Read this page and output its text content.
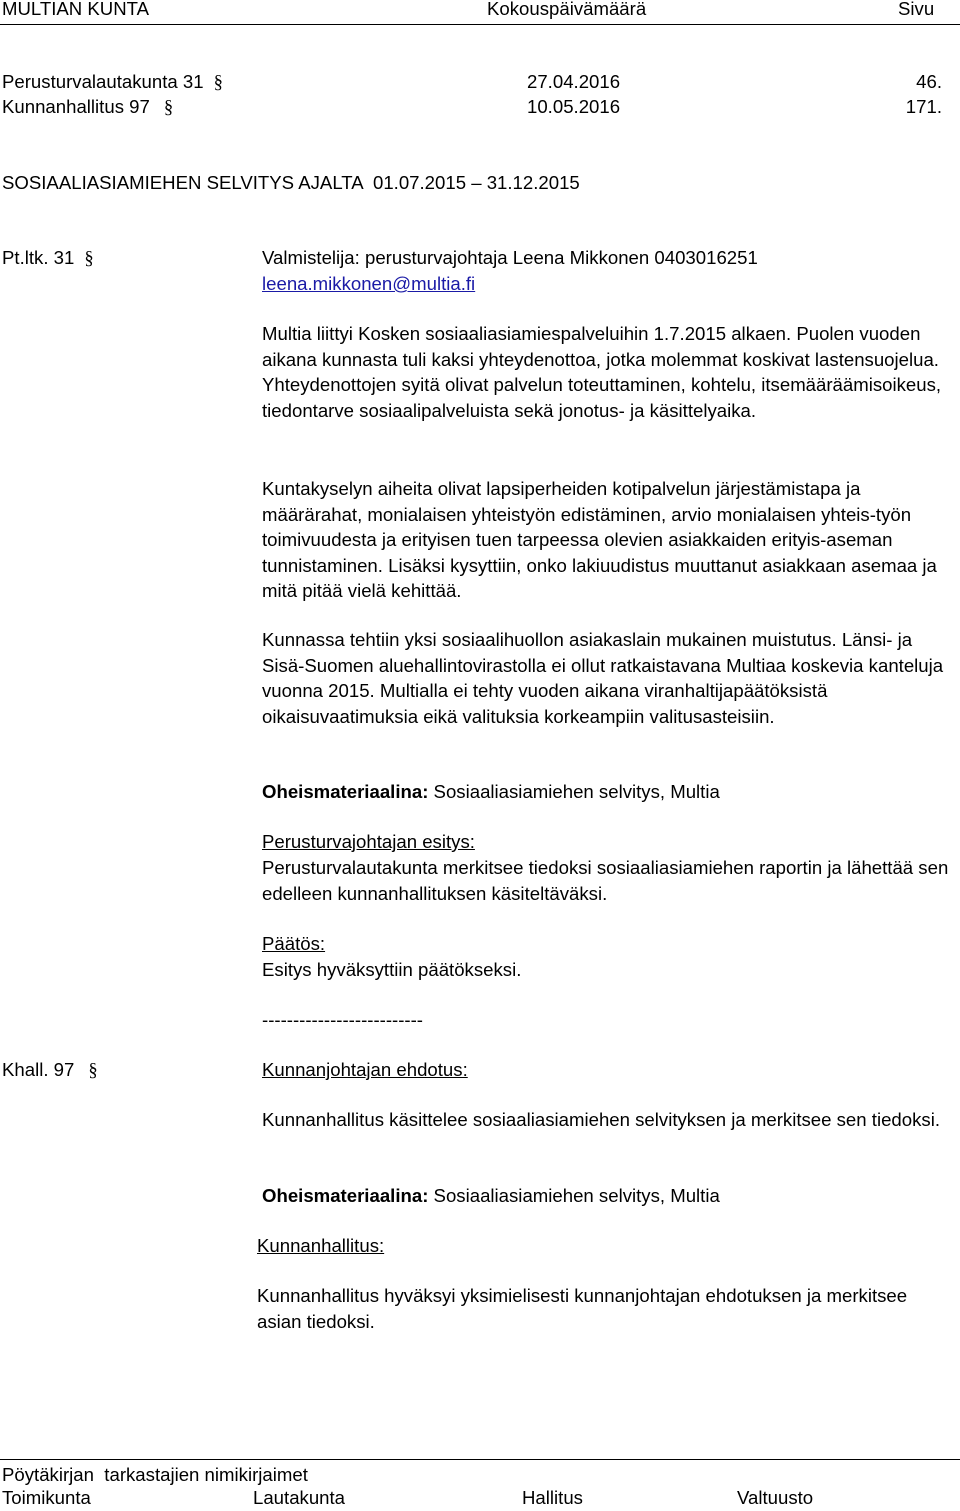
MULTIAN KUNTA	Kokouspäivämäärä	Sivu
Perusturvalautakunta 31 §	27.04.2016	46.
Kunnanhallitus 97 §	10.05.2016	171.
SOSIAALIASIAMIEHEN SELVITYS AJALTA  01.07.2015 – 31.12.2015
Pt.ltk. 31 §	Valmistelija: perusturvajohtaja Leena Mikkonen 0403016251
leena.mikkonen@multia.fi
Multia liittyi Kosken sosiaaliasiamiespalveluihin 1.7.2015 alkaen. Puolen vuoden aikana kunnasta tuli kaksi yhteydenottoa, jotka molemmat koskivat lastensuojelua. Yhteydenottojen syitä olivat palvelun toteuttaminen, kohtelu, itsemääräämisoikeus, tiedontarve sosiaalipalveluista sekä jonotus- ja käsittelyaika.
Kuntakyselyn aiheita olivat lapsiperheiden kotipalvelun järjestämistapa ja määrärahat, monialaisen yhteistyön edistäminen, arvio monialaisen yhteis-työn toimivuudesta ja erityisen tuen tarpeessa olevien asiakkaiden erityis-aseman tunnistaminen. Lisäksi kysyttiin, onko lakiuudistus muuttanut asiakkaan asemaa ja mitä pitää vielä kehittää.
Kunnassa tehtiin yksi sosiaalihuollon asiakaslain mukainen muistutus. Länsi- ja Sisä-Suomen aluehallintovirastolla ei ollut ratkaistavana Multiaa koskevia kanteluja vuonna 2015. Multialla ei tehty vuoden aikana viranhaltijapäätöksistä oikaisuvaatimuksia eikä valituksia korkeampiin valitusasteisiin.
Oheismateriaalina: Sosiaaliasiamiehen selvitys, Multia
Perusturvajohtajan esitys:
Perusturvalautakunta merkitsee tiedoksi sosiaaliasiamiehen raportin ja lähettää sen edelleen kunnanhallituksen käsiteltäväksi.
Päätös:
Esitys hyväksyttiin päätökseksi.
--------------------------
Khall. 97 §	Kunnanjohtajan ehdotus:
Kunnanhallitus käsittelee sosiaaliasiamiehen selvityksen ja merkitsee sen tiedoksi.
Oheismateriaalina: Sosiaaliasiamiehen selvitys, Multia
Kunnanhallitus:
Kunnanhallitus hyväksyi yksimielisesti kunnanjohtajan ehdotuksen ja merkitsee asian tiedoksi.
Pöytäkirjan  tarkastajien nimikirjaimet
Toimikunta	Lautakunta	Hallitus	Valtuusto
